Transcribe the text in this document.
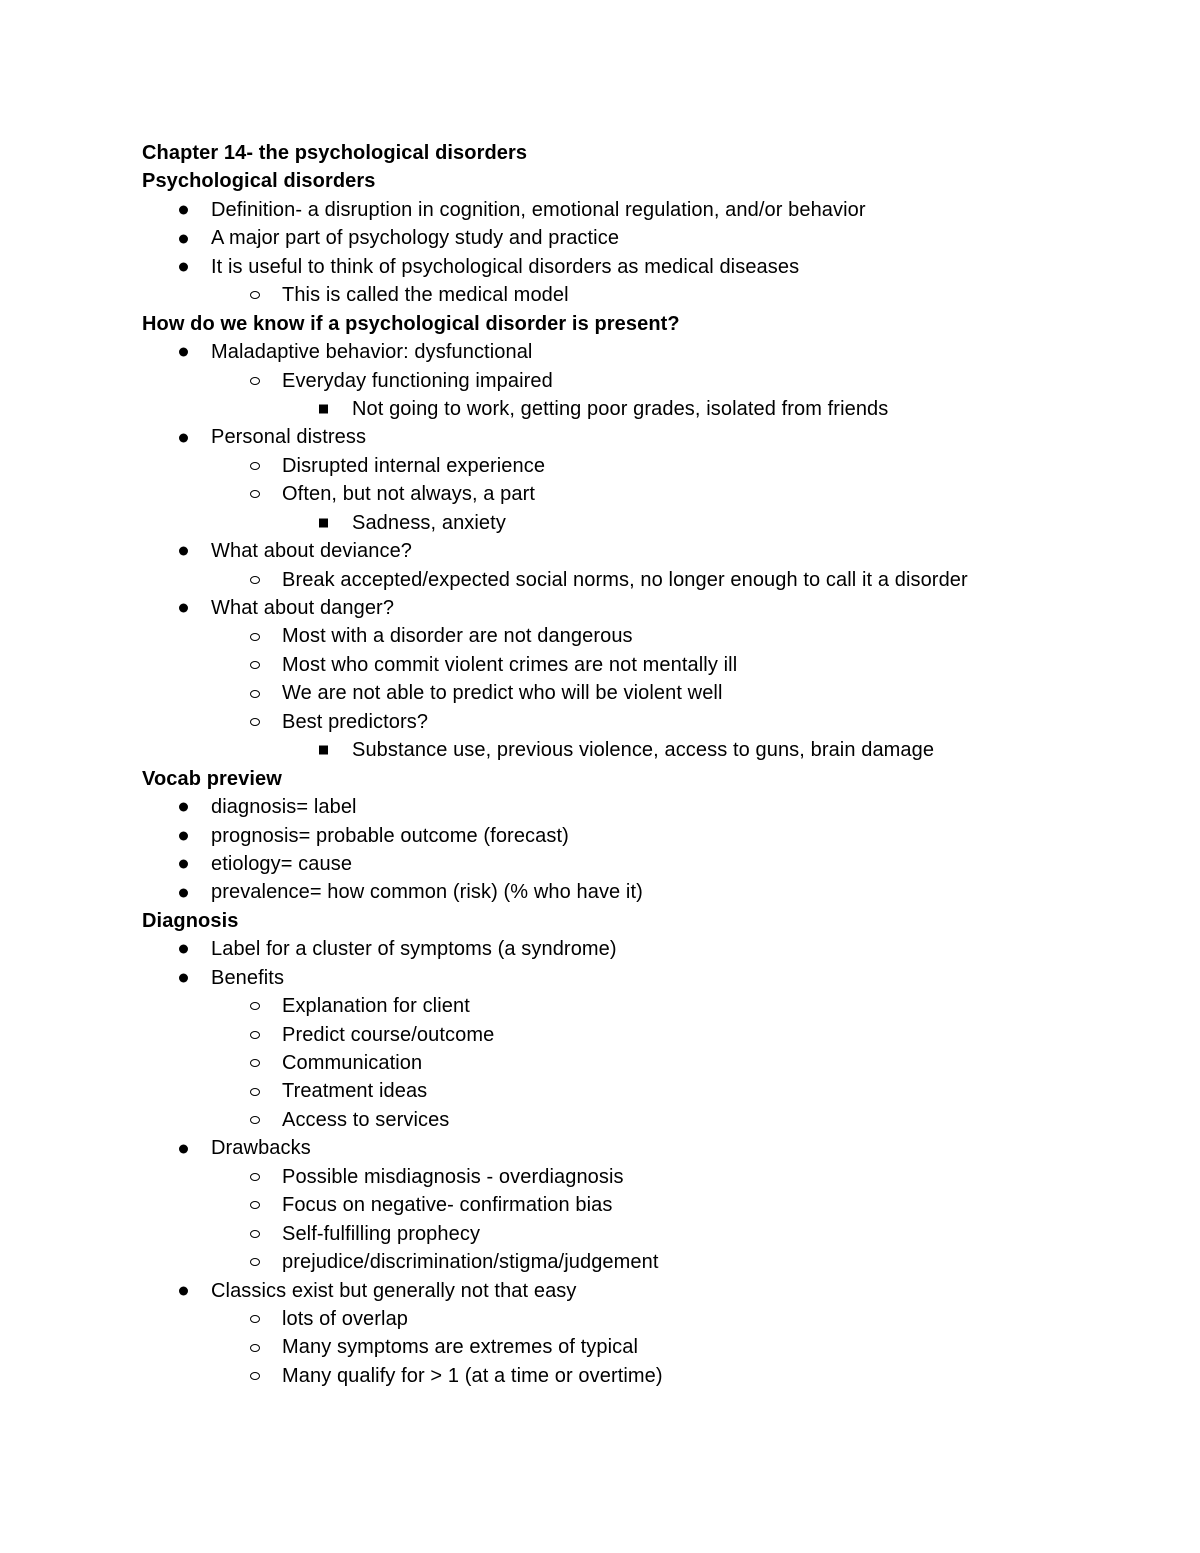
Chapter 14- the psychological disorders
Psychological disorders
Definition- a disruption in cognition, emotional regulation, and/or behavior
A major part of psychology study and practice
It is useful to think of psychological disorders as medical diseases
This is called the medical model
How do we know if a psychological disorder is present?
Maladaptive behavior: dysfunctional
Everyday functioning impaired
Not going to work, getting poor grades, isolated from friends
Personal distress
Disrupted internal experience
Often, but not always, a part
Sadness, anxiety
What about deviance?
Break accepted/expected social norms, no longer enough to call it a disorder
What about danger?
Most with a disorder are not dangerous
Most who commit violent crimes are not mentally ill
We are not able to predict who will be violent well
Best predictors?
Substance use, previous violence, access to guns, brain damage
Vocab preview
diagnosis= label
prognosis= probable outcome (forecast)
etiology= cause
prevalence= how common (risk) (% who have it)
Diagnosis
Label for a cluster of symptoms (a syndrome)
Benefits
Explanation for client
Predict course/outcome
Communication
Treatment ideas
Access to services
Drawbacks
Possible misdiagnosis - overdiagnosis
Focus on negative- confirmation bias
Self-fulfilling prophecy
prejudice/discrimination/stigma/judgement
Classics exist but generally not that easy
lots of overlap
Many symptoms are extremes of typical
Many qualify for > 1 (at a time or overtime)
